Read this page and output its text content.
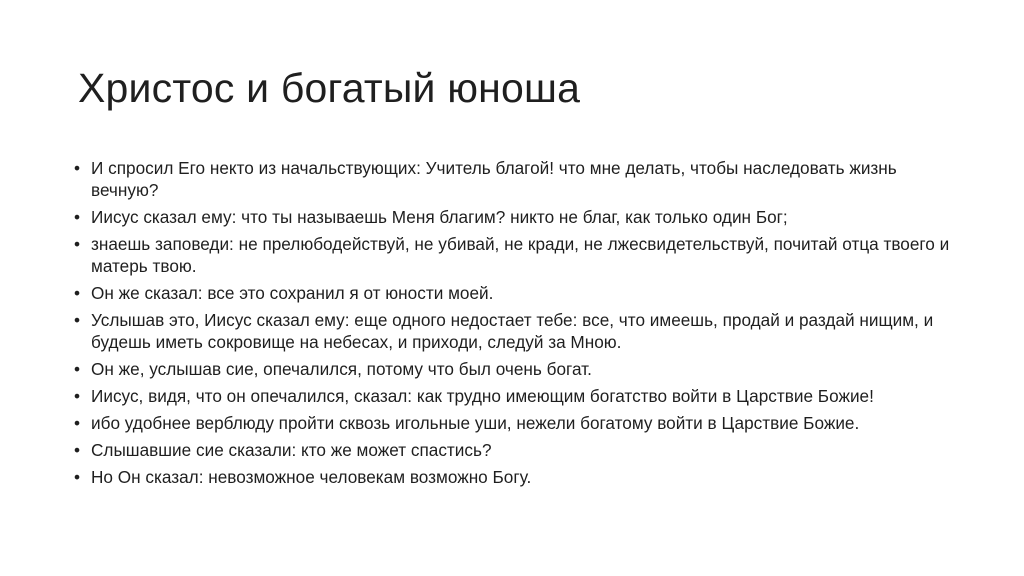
Христос и богатый юноша
• И спросил Его некто из начальствующих: Учитель благой! что мне делать, чтобы наследовать жизнь вечную?
• Иисус сказал ему: что ты называешь Меня благим? никто не благ, как только один Бог;
• знаешь заповеди: не прелюбодействуй, не убивай, не кради, не лжесвидетельствуй, почитай отца твоего и матерь твою.
• Он же сказал: все это сохранил я от юности моей.
• Услышав это, Иисус сказал ему: еще одного недостает тебе: все, что имеешь, продай и раздай нищим, и будешь иметь сокровище на небесах, и приходи, следуй за Мною.
• Он же, услышав сие, опечалился, потому что был очень богат.
• Иисус, видя, что он опечалился, сказал: как трудно имеющим богатство войти в Царствие Божие!
• ибо удобнее верблюду пройти сквозь игольные уши, нежели богатому войти в Царствие Божие.
• Слышавшие сие сказали: кто же может спастись?
• Но Он сказал: невозможное человекам возможно Богу.
